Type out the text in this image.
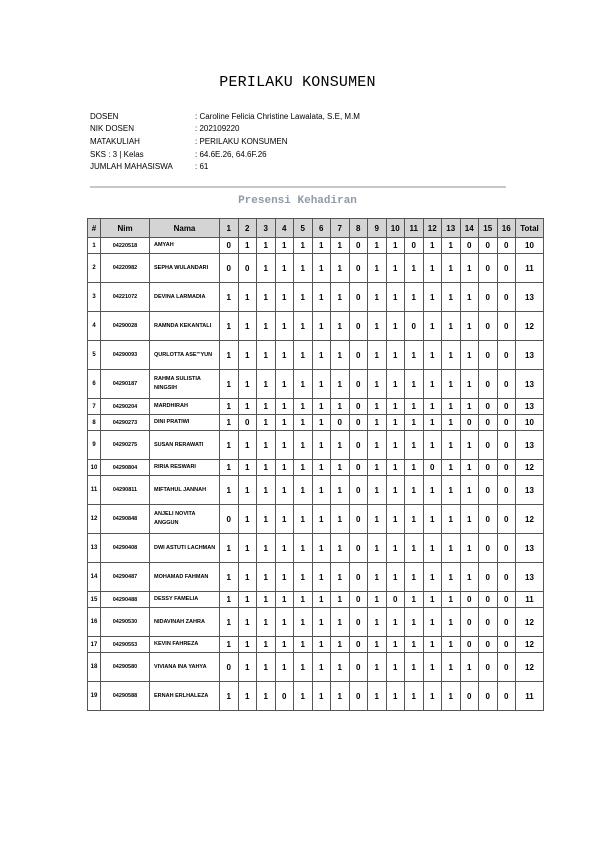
PERILAKU KONSUMEN
DOSEN	: Caroline Felicia Christine Lawalata, S.E, M.M
NIK DOSEN	: 202109220
MATAKULIAH	: PERILAKU KONSUMEN
SKS : 3 | Kelas	: 64.6E.26, 64.6F.26
JUMLAH MAHASISWA	: 61
Presensi Kehadiran
#	Nim	Nama	1	2	3	4	5	6	7	8	9	10	11	12	13	14	15	16	Total
1	04220518	AMYAH	0	1	1	1	1	1	1	0	1	1	0	1	1	0	0	0	10
2	04220982	SEPHA WULANDARI	0	0	1	1	1	1	1	0	1	1	1	1	1	1	0	0	11
3	04221072	DEVINA LARMADIA	1	1	1	1	1	1	1	0	1	1	1	1	1	1	0	0	13
4	04290028	RAMNDA KEKANTALI	1	1	1	1	1	1	1	0	1	1	0	1	1	1	0	0	12
5	04290093	QURLOTTA ASE'''YUN	1	1	1	1	1	1	1	0	1	1	1	1	1	1	0	0	13
6	04290187	RAHMA SULISTIA NINGSIH	1	1	1	1	1	1	1	0	1	1	1	1	1	1	0	0	13
7	04290204	MARDHIRAH	1	1	1	1	1	1	1	0	1	1	1	1	1	1	0	0	13
8	04290273	DINI PRATIWI	1	0	1	1	1	1	0	0	1	1	1	1	1	0	0	0	10
9	04290275	SUSAN RERAWATI	1	1	1	1	1	1	1	0	1	1	1	1	1	1	0	0	13
10	04290804	RIRIA RESWARI	1	1	1	1	1	1	1	0	1	1	1	0	1	1	0	0	12
11	04290811	MIFTAHUL JANNAH	1	1	1	1	1	1	1	0	1	1	1	1	1	1	0	0	13
12	04290848	ANJELI NOVITA ANGGUN	0	1	1	1	1	1	1	0	1	1	1	1	1	1	0	0	12
13	04290408	DWI ASTUTI LACHMAN	1	1	1	1	1	1	1	0	1	1	1	1	1	1	0	0	13
14	04290487	MOHAMAD FAHMAN	1	1	1	1	1	1	1	0	1	1	1	1	1	1	0	0	13
15	04290488	DESSY FAMELIA	1	1	1	1	1	1	1	0	1	0	1	1	1	0	0	0	11
16	04290530	NIDAVINAH ZAHRA	1	1	1	1	1	1	1	0	1	1	1	1	1	0	0	0	12
17	04290553	KEVIN FAHREZA	1	1	1	1	1	1	1	0	1	1	1	1	1	0	0	0	12
18	04290580	VIVIANA INA YAHYA	0	1	1	1	1	1	1	0	1	1	1	1	1	1	0	0	12
19	04290588	ERNAH ERLHALEZA	1	1	1	0	1	1	1	0	1	1	1	1	1	0	0	0	11
